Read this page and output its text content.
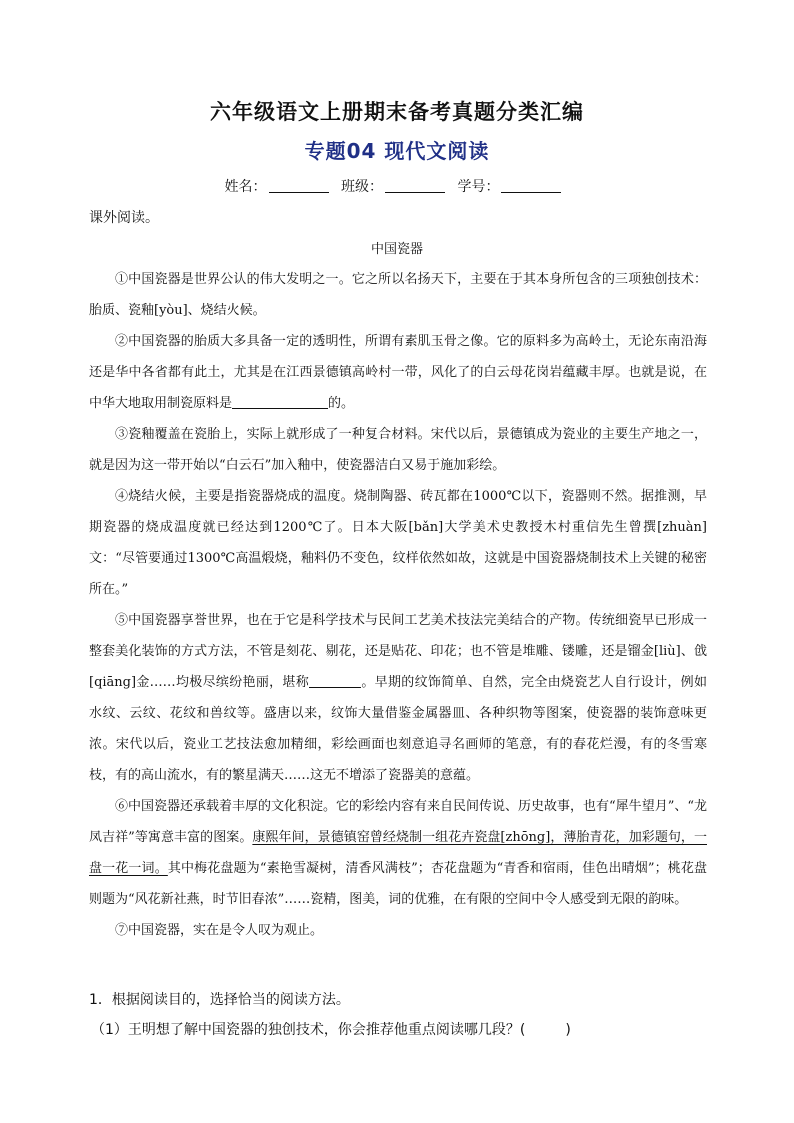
六年级语文上册期末备考真题分类汇编
专题04 现代文阅读
姓名：	班级：	学号：
课外阅读。
中国瓷器

①中国瓷器是世界公认的伟大发明之一。它之所以名扬天下，主要在于其本身所包含的三项独创技术：胎质、瓷釉[yòu]、烧结火候。

②中国瓷器的胎质大多具备一定的透明性，所谓有素肌玉骨之像。它的原料多为高岭土，无论东南沿海还是华中各省都有此土，尤其是在江西景德镇高岭村一带，风化了的白云母花岗岩蕴藏丰厚。也就是说，在中华大地取用制瓷原料是	的。

③瓷釉覆盖在瓷胎上，实际上就形成了一种复合材料。宋代以后，景德镇成为瓷业的主要生产地之一，就是因为这一带开始以“白云石”加入釉中，使瓷器洁白又易于施加彩绘。

④烧结火候，主要是指瓷器烧成的温度。烧制陶器、砖瓦都在1000℃以下，瓷器则不然。据推测，早期瓷器的烧成温度就已经达到1200℃了。日本大阪[bǎn]大学美术史教授木村重信先生曾撰[zhuàn]文：“尽管要通过1300℃高温煅烧，釉料仍不变色，纹样依然如故，这就是中国瓷器烧制技术上关键的秘密所在。”

⑤中国瓷器享誉世界，也在于它是科学技术与民间工艺美术技法完美结合的产物。传统细瓷早已形成一整套美化装饰的方式方法，不管是刻花、剔花，还是贴花、印花；也不管是堆雕、镂雕，还是镏金[liù]、戗[qiāng]金……均极尽缤纷艳丽，堪称	。早期的纹饰简单、自然，完全由烧瓷艺人自行设计，例如水纹、云纹、花纹和兽纹等。盛唐以来，纹饰大量借鉴金属器皿、各种织物等图案，使瓷器的装饰意味更浓。宋代以后，瓷业工艺技法愈加精细，彩绘画面也刻意追寻名画师的笔意，有的春花烂漫，有的冬雪寒枝，有的高山流水，有的繁星满天……这无不增添了瓷器美的意蕴。

⑥中国瓷器还承载着丰厚的文化积淀。它的彩绘内容有来自民间传说、历史故事，也有“犀牛望月”、“龙凤吉祥”等寓意丰富的图案。康熙年间，景德镇窑曾经烧制一组花卉瓷盘[zhōng]，薄胎青花，加彩题句，一盘一花一词。其中梅花盘题为“素艳雪凝树，清香风满枝”；杏花盘题为“青香和宿雨，佳色出晴烟”；桃花盘则题为“风花新社燕，时节旧春浓”……瓷精，图美，词的优雅，在有限的空间中令人感受到无限的韵味。

⑦中国瓷器，实在是令人叹为观止。

1．根据阅读目的，选择恰当的阅读方法。
（1）王明想了解中国瓷器的独创技术，你会推荐他重点阅读哪几段？(	)
